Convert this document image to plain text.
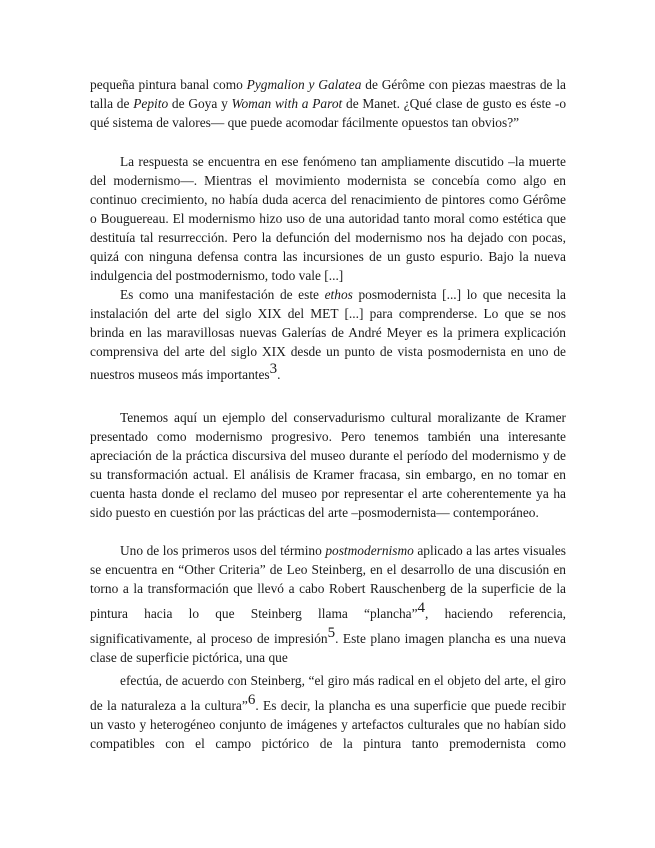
pequeña pintura banal como Pygmalion y Galatea de Gérôme con piezas maestras de la
talla de Pepito de Goya y Woman with a Parot de Manet. ¿Qué clase de gusto es éste -o
qué sistema de valores— que puede acomodar fácilmente opuestos tan obvios?”
La respuesta se encuentra en ese fenómeno tan ampliamente discutido –la muerte
del modernismo—. Mientras el movimiento modernista se concebía como algo en
continuo crecimiento, no había duda acerca del renacimiento de pintores como Gérôme
o Bouguereau. El modernismo hizo uso de una autoridad tanto moral como estética que
destituía tal resurrección. Pero la defunción del modernismo nos ha dejado con pocas,
quizá con ninguna defensa contra las incursiones de un gusto espurio. Bajo la nueva
indulgencia del postmodernismo, todo vale [...]
Es como una manifestación de este ethos posmodernista [...] lo que necesita la
instalación del arte del siglo XIX del MET [...] para comprenderse. Lo que se nos
brinda en las maravillosas nuevas Galerías de André Meyer es la primera explicación
comprensiva del arte del siglo XIX desde un punto de vista posmodernista en uno de
nuestros museos más importantes$^3$.
Tenemos aquí un ejemplo del conservadurismo cultural moralizante de Kramer
presentado como modernismo progresivo. Pero tenemos también una interesante
apreciación de la práctica discursiva del museo durante el período del modernismo y de
su transformación actual. El análisis de Kramer fracasa, sin embargo, en no tomar en
cuenta hasta donde el reclamo del museo por representar el arte coherentemente ya ha
sido puesto en cuestión por las prácticas del arte –posmodernista— contemporáneo.
Uno de los primeros usos del término postmodernismo aplicado a las artes visuales
se encuentra en “Other Criteria” de Leo Steinberg, en el desarrollo de una discusión en
torno a la transformación que llevó a cabo Robert Rauschenberg de la superficie de la
pintura hacia lo que Steinberg llama “plancha”$^4$, haciendo referencia,
significativamente, al proceso de impresión$^5$. Este plano imagen plancha es una nueva
clase de superficie pictórica, una que
efectúa, de acuerdo con Steinberg, “el giro más radical en el objeto del arte, el giro
de la naturaleza a la cultura”$^6$. Es decir, la plancha es una superficie que puede recibir
un vasto y heterogéneo conjunto de imágenes y artefactos culturales que no habían sido
compatibles con el campo pictórico de la pintura tanto premodernista como
